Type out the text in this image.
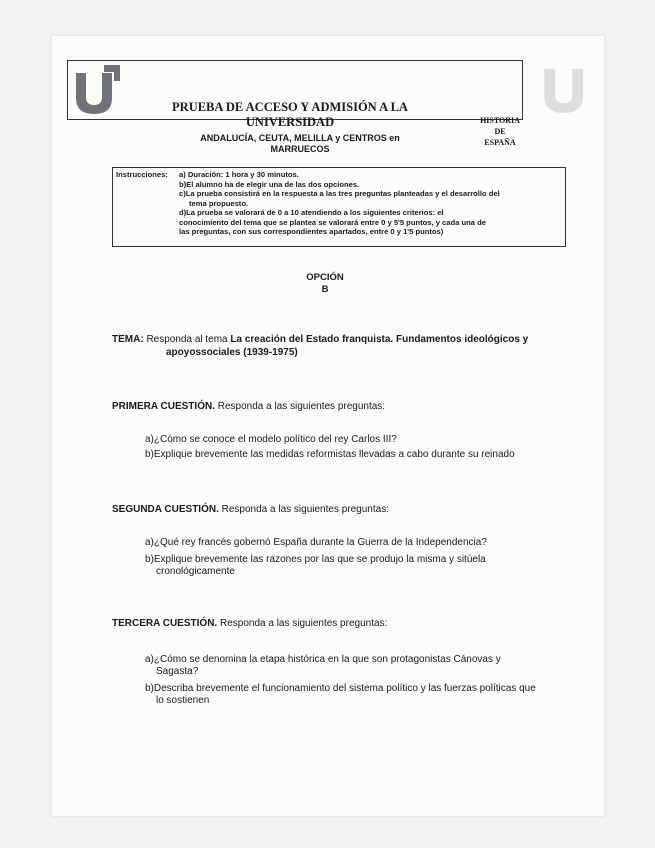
PRUEBA DE ACCESO Y ADMISIÓN A LA
UNIVERSIDAD
ANDALUCÍA, CEUTA, MELILLA y CENTROS en
MARRUECOS
HISTORIA
DE
ESPAÑA
Instrucciones: a) Duración: 1 hora y 30 minutos.
b)El alumno ha de elegir una de las dos opciones.
c)La prueba consistirá en la respuesta a las tres preguntas planteadas y el desarrollo del
tema propuesto.
d)La prueba se valorará de 0 a 10 atendiendo a los siguientes criterios: el
conocimiento del tema que se plantea se valorará entre 0 y 5'5 puntos, y cada una de
las preguntas, con sus correspondientes apartados, entre 0 y 1'5 puntos)
OPCIÓN
B
TEMA: Responda al tema La creación del Estado franquista. Fundamentos ideológicos y
apoyossociales (1939-1975)
PRIMERA CUESTIÓN. Responda a las siguientes preguntas:
a)¿Cómo se conoce el modelo político del rey Carlos III?
b)Explique brevemente las medidas reformistas llevadas a cabo durante su reinado
SEGUNDA CUESTIÓN. Responda a las siguientes preguntas:
a)¿Qué rey francés gobernó España durante la Guerra de la Independencia?
b)Explique brevemente las razones por las que se produjo la misma y sitúela
cronológicamente
TERCERA CUESTIÓN. Responda a las siguientes preguntas:
a)¿Cómo se denomina la etapa histórica en la que son protagonistas Cánovas y
Sagasta?
b)Describa brevemente el funcionamiento del sistema político y las fuerzas políticas que
lo sostienen
